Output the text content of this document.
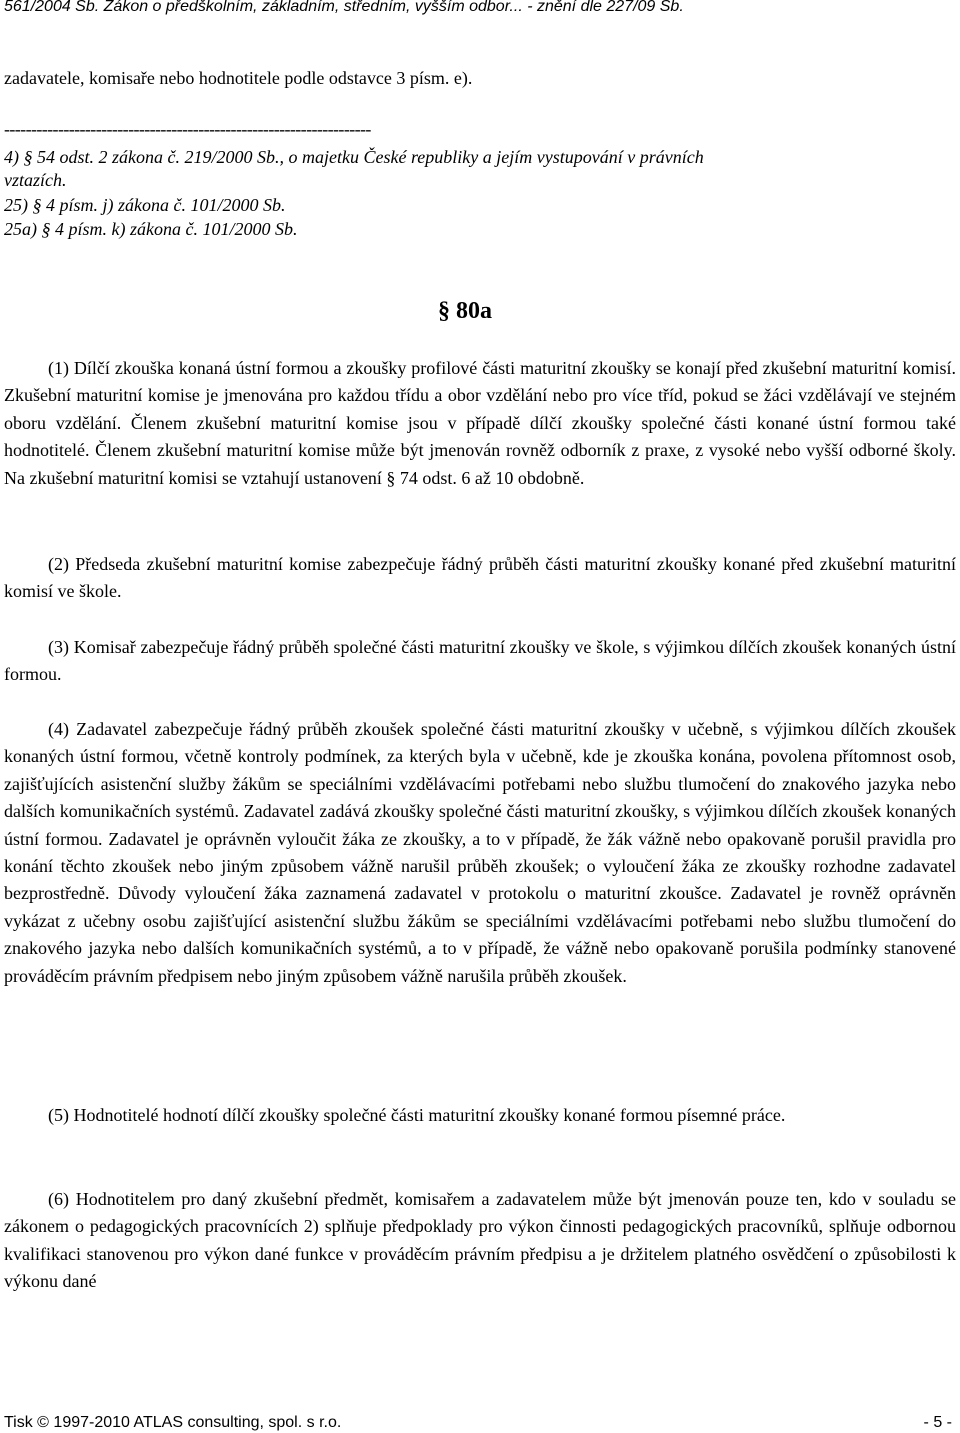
561/2004 Sb. Zákon o předškolním, základním, středním, vyšším odbor... - znění dle 227/09 Sb.
zadavatele, komisaře nebo hodnotitele podle odstavce 3 písm. e).
--------------------------------------------------------------------
4) § 54 odst. 2 zákona č. 219/2000 Sb., o majetku České republiky a jejím vystupování v právních
vztazích.
25) § 4 písm. j) zákona č. 101/2000 Sb.
25a) § 4 písm. k) zákona č. 101/2000 Sb.
§ 80a
(1) Dílčí zkouška konaná ústní formou a zkoušky profilové části maturitní zkoušky se konají před zkušební maturitní komisí. Zkušební maturitní komise je jmenována pro každou třídu a obor vzdělání nebo pro více tříd, pokud se žáci vzdělávají ve stejném oboru vzdělání. Členem zkušební maturitní komise jsou v případě dílčí zkoušky společné části konané ústní formou také hodnotitelé. Členem zkušební maturitní komise může být jmenován rovněž odborník z praxe, z vysoké nebo vyšší odborné školy. Na zkušební maturitní komisi se vztahují ustanovení § 74 odst. 6 až 10 obdobně.
(2) Předseda zkušební maturitní komise zabezpečuje řádný průběh části maturitní zkoušky konané před zkušební maturitní komisí ve škole.
(3) Komisař zabezpečuje řádný průběh společné části maturitní zkoušky ve škole, s výjimkou dílčích zkoušek konaných ústní formou.
(4) Zadavatel zabezpečuje řádný průběh zkoušek společné části maturitní zkoušky v učebně, s výjimkou dílčích zkoušek konaných ústní formou, včetně kontroly podmínek, za kterých byla v učebně, kde je zkouška konána, povolena přítomnost osob, zajišťujících asistenční služby žákům se speciálními vzdělávacími potřebami nebo službu tlumočení do znakového jazyka nebo dalších komunikačních systémů. Zadavatel zadává zkoušky společné části maturitní zkoušky, s výjimkou dílčích zkoušek konaných ústní formou. Zadavatel je oprávněn vyloučit žáka ze zkoušky, a to v případě, že žák vážně nebo opakovaně porušil pravidla pro konání těchto zkoušek nebo jiným způsobem vážně narušil průběh zkoušek; o vyloučení žáka ze zkoušky rozhodne zadavatel bezprostředně. Důvody vyloučení žáka zaznamená zadavatel v protokolu o maturitní zkoušce. Zadavatel je rovněž oprávněn vykázat z učebny osobu zajišťující asistenční službu žákům se speciálními vzdělávacími potřebami nebo službu tlumočení do znakového jazyka nebo dalších komunikačních systémů, a to v případě, že vážně nebo opakovaně porušila podmínky stanovené prováděcím právním předpisem nebo jiným způsobem vážně narušila průběh zkoušek.
(5) Hodnotitelé hodnotí dílčí zkoušky společné části maturitní zkoušky konané formou písemné práce.
(6) Hodnotitelem pro daný zkušební předmět, komisařem a zadavatelem může být jmenován pouze ten, kdo v souladu se zákonem o pedagogických pracovnících 2) splňuje předpoklady pro výkon činnosti pedagogických pracovníků, splňuje odbornou kvalifikaci stanovenou pro výkon dané funkce v prováděcím právním předpisu a je držitelem platného osvědčení o způsobilosti k výkonu dané
Tisk © 1997-2010 ATLAS consulting, spol. s r.o.	- 5 -
